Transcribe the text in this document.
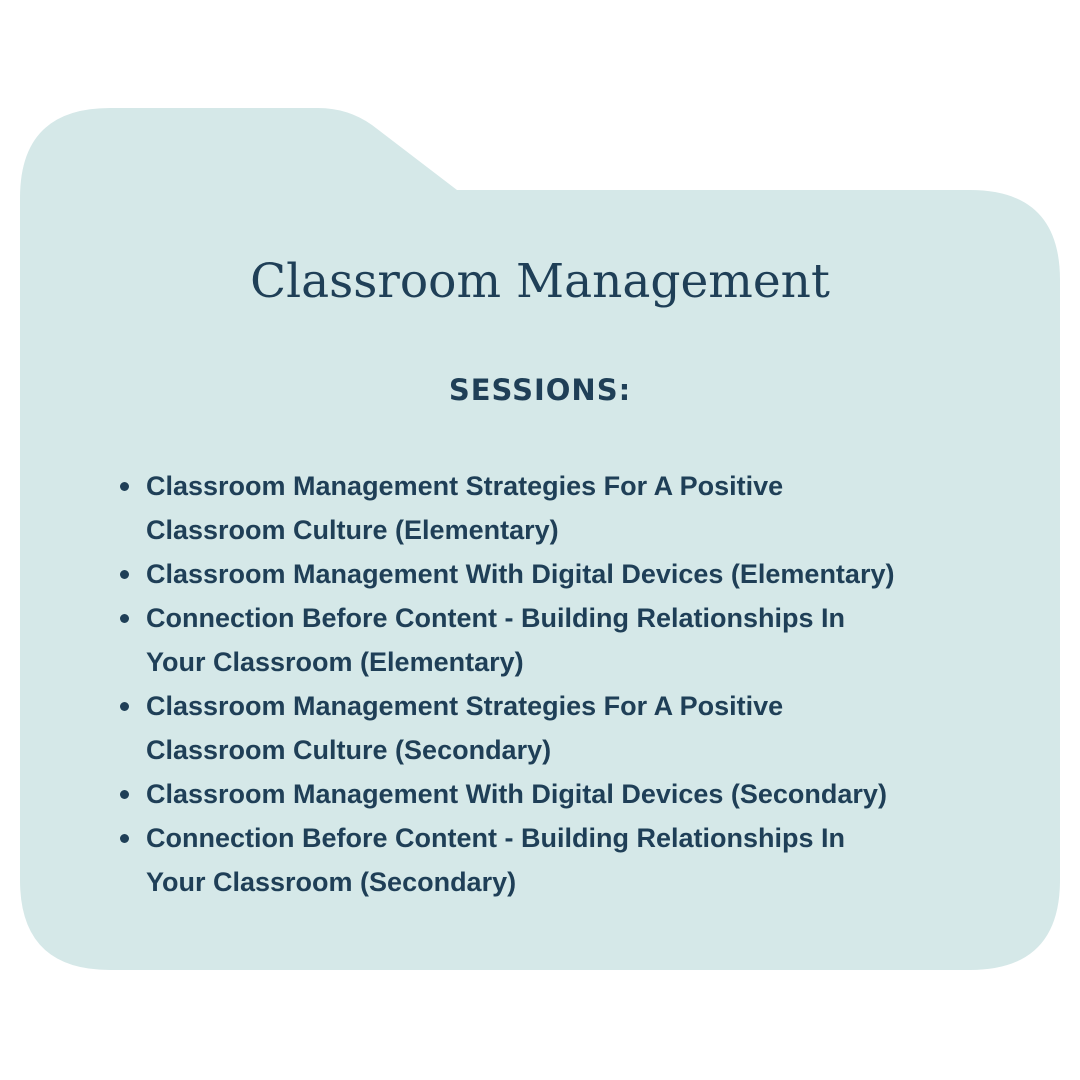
Classroom Management
SESSIONS:
Classroom Management Strategies For A Positive
Classroom Culture (Elementary)
Classroom Management With Digital Devices (Elementary)
Connection Before Content - Building Relationships In
Your Classroom (Elementary)
Classroom Management Strategies For A Positive
Classroom Culture (Secondary)
Classroom Management With Digital Devices (Secondary)
Connection Before Content - Building Relationships In
Your Classroom (Secondary)
